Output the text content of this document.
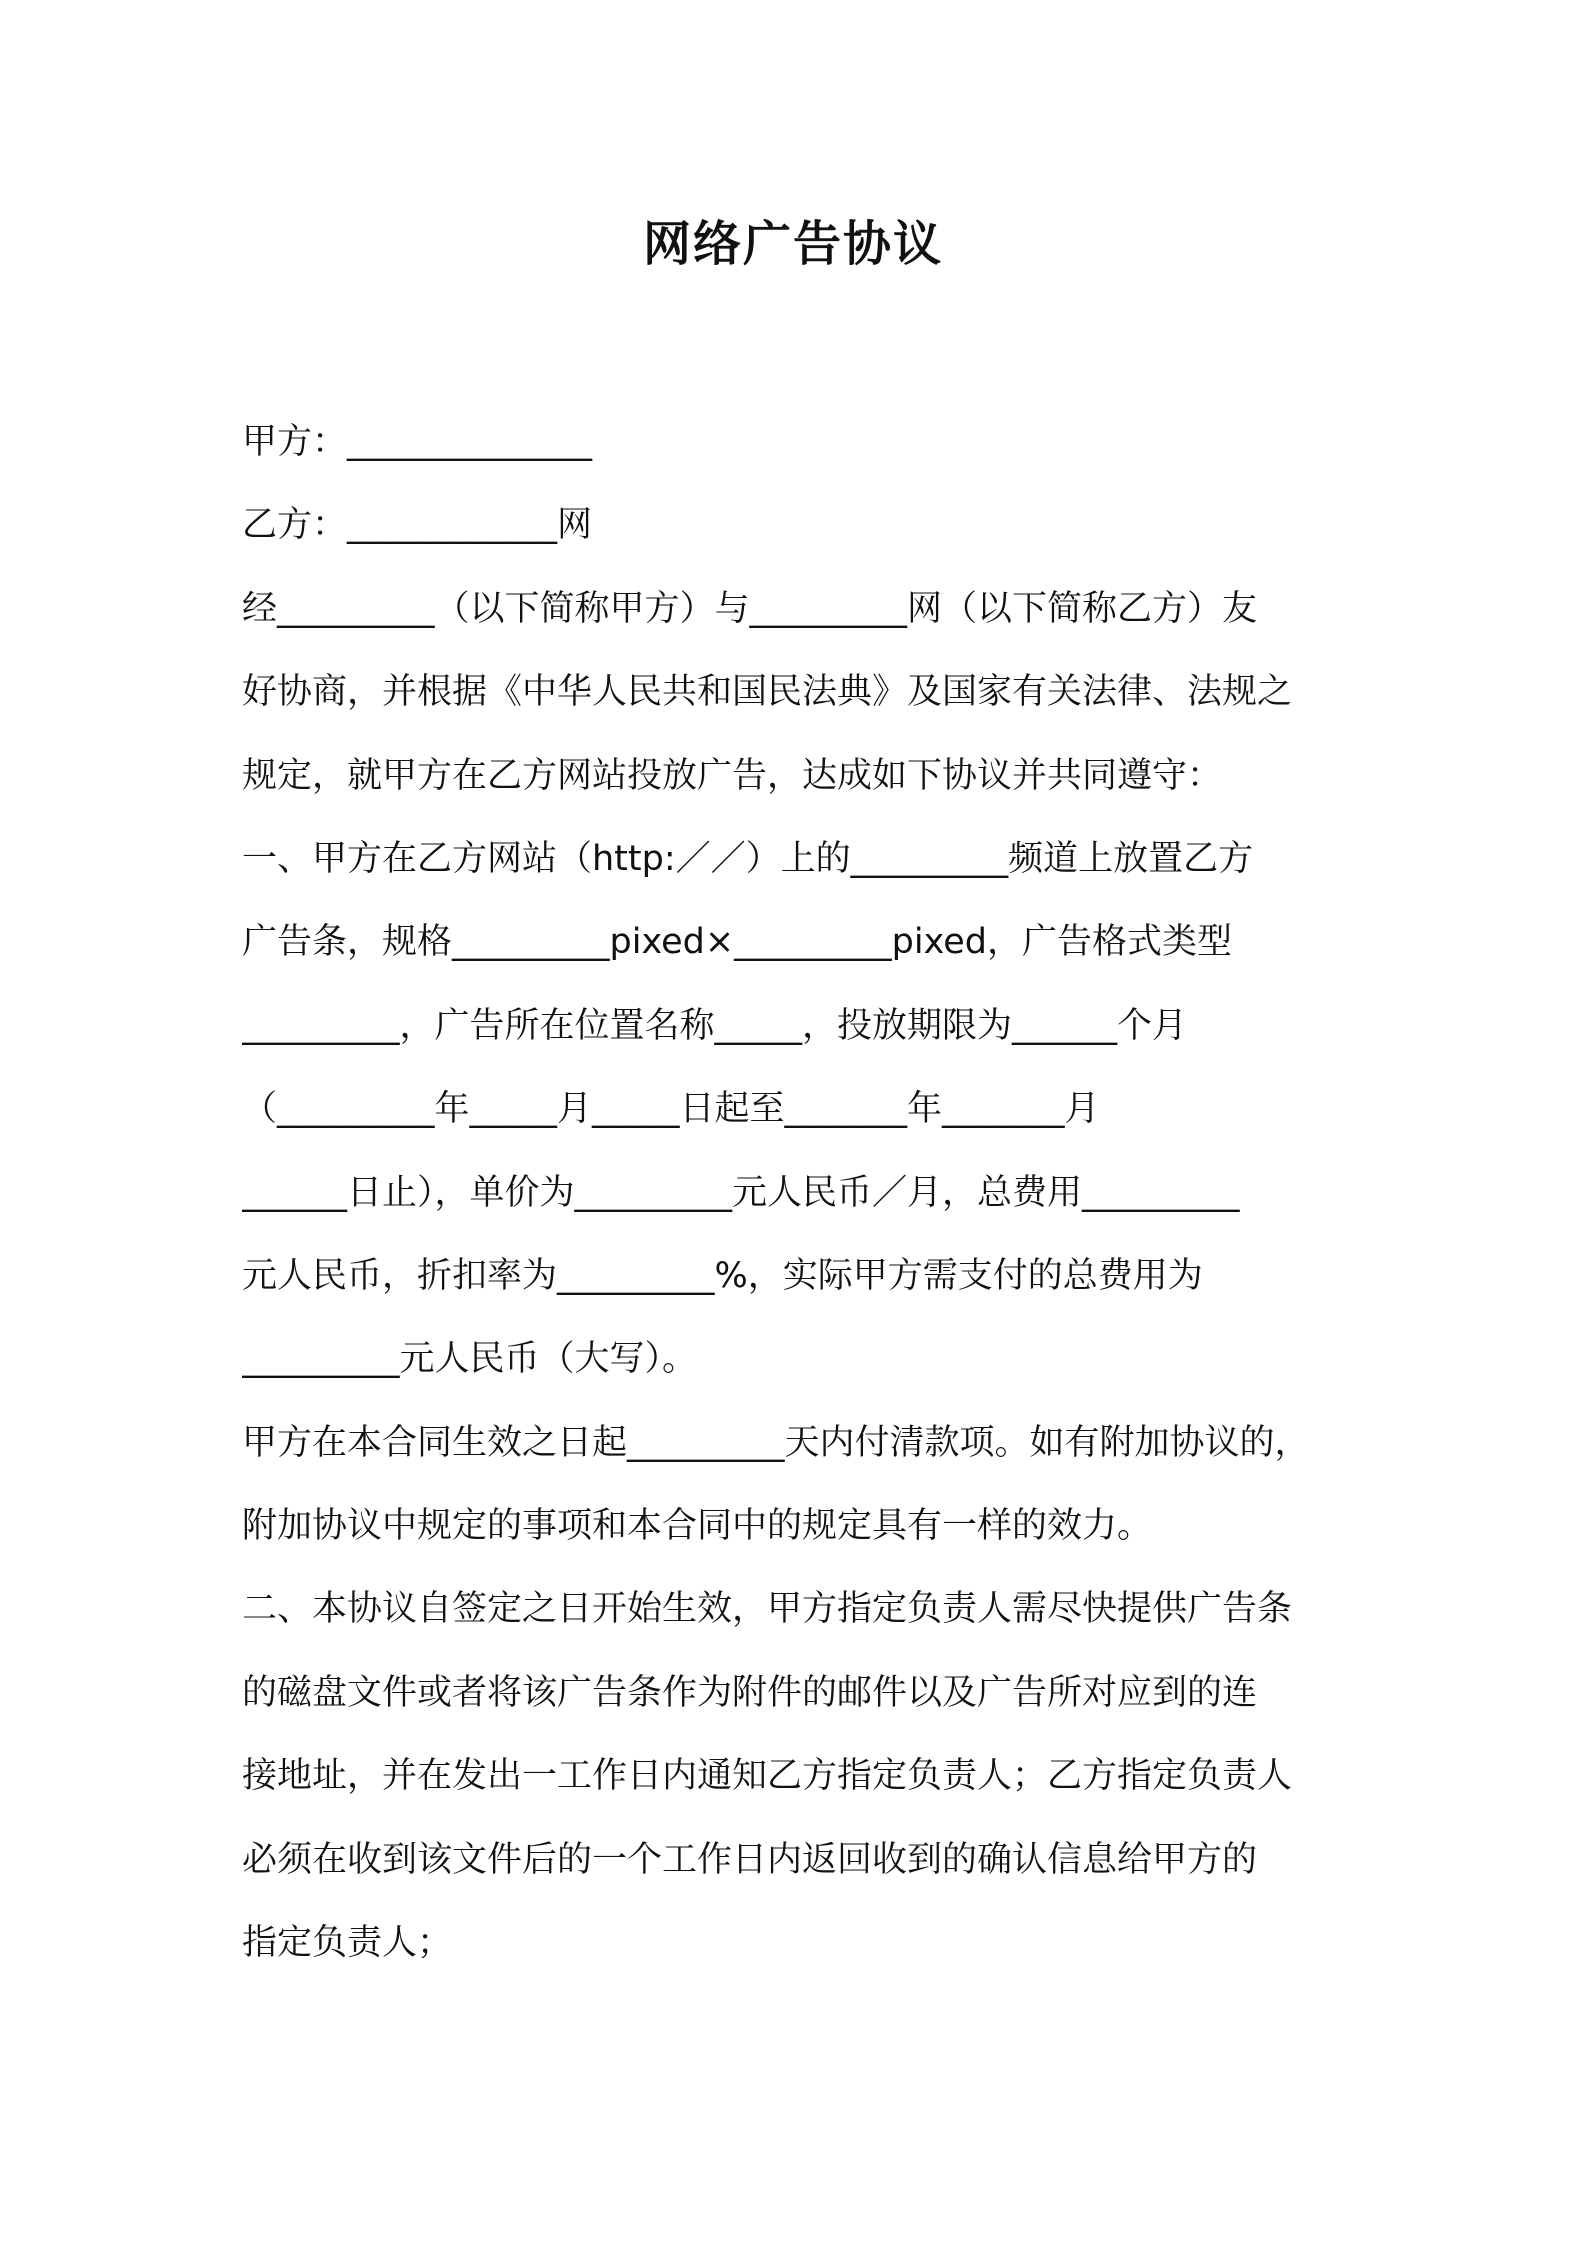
网络广告协议
甲方：______________
乙方：____________网
经_________（以下简称甲方）与_________网（以下简称乙方）友
好协商，并根据《中华人民共和国民法典》及国家有关法律、法规之
规定，就甲方在乙方网站投放广告，达成如下协议并共同遵守：
一、甲方在乙方网站（http:／／）上的_________频道上放置乙方
广告条，规格_________pixed×_________pixed，广告格式类型
_________，广告所在位置名称_____，投放期限为______个月
（_________年_____月_____日起至_______年_______月
______日止），单价为_________元人民币／月，总费用_________
元人民币，折扣率为_________%，实际甲方需支付的总费用为
_________元人民币（大写）。
甲方在本合同生效之日起_________天内付清款项。如有附加协议的，
附加协议中规定的事项和本合同中的规定具有一样的效力。
二、本协议自签定之日开始生效，甲方指定负责人需尽快提供广告条
的磁盘文件或者将该广告条作为附件的邮件以及广告所对应到的连
接地址，并在发出一工作日内通知乙方指定负责人；乙方指定负责人
必须在收到该文件后的一个工作日内返回收到的确认信息给甲方的
指定负责人；
